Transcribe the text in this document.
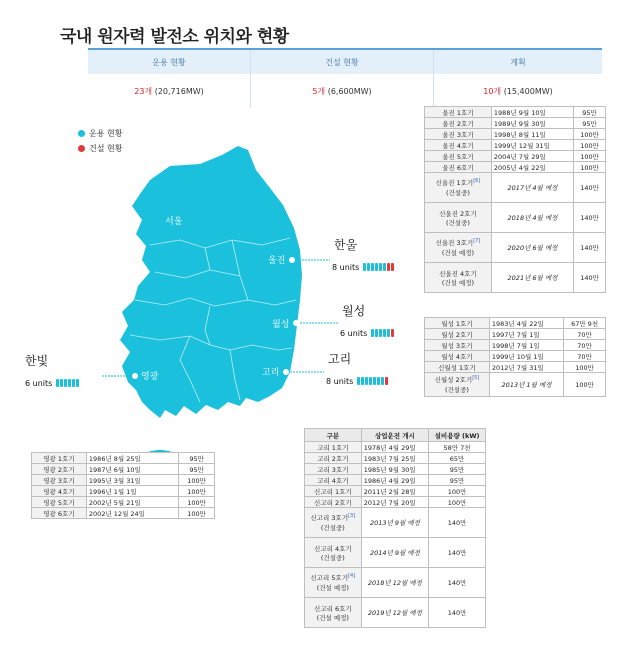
국내 원자력 발전소 위치와 현황
운용 현황	건설 현황	계획
23개 (20,716MW)	5개 (6,600MW)	10개 (15,400MW)
운용 현황
건설 현황
서울
울진
월성
고리
영광
한울
8 units
월성
6 units
고리
8 units
한빛
6 units
울진 1호기	1988년 9월 10일	95만
울진 2호기	1989년 9월 30일	95만
울진 3호기	1998년 8월 11일	100만
울진 4호기	1999년 12월 31일	100만
울진 5호기	2004년 7월 29일	100만
울진 6호기	2005년 4월 22일	100만
신울진 1호기[6]
(건설중)	2017년 4월 예정	140만
신울진 2호기
(건설중)	2018년 4월 예정	140만
신울진 3호기[7]
(건설 예정)	2020년 6월 예정	140만
신울진 4호기
(건설 예정)	2021년 6월 예정	140만
월성 1호기	1983년 4월 22일	67만 9천
월성 2호기	1997년 7월 1일	70만
월성 3호기	1998년 7월 1일	70만
월성 4호기	1999년 10월 1일	70만
신월성 1호기	2012년 7월 31일	100만
신월성 2호기[5]
(건설중)	2013년 1월 예정	100만
구분	상업운전 개시	설비용량 (kW)
고리 1호기	1978년 4월 29일	58만 7천
고리 2호기	1983년 7월 25일	65만
고리 3호기	1985년 9월 30일	95만
고리 4호기	1986년 4월 29일	95만
신고리 1호기	2011년 2월 28일	100만
신고리 2호기	2012년 7월 20일	100만
신고리 3호기[3]
(건설중)	2013년 9월 예정	140만
신고리 4호기
(건설중)	2014년 9월 예정	140만
신고리 5호기[4]
(건설 예정)	2018년 12월 예정	140만
신고리 6호기
(건설 예정)	2019년 12월 예정	140만
영광 1호기	1986년 8월 25일	95만
영광 2호기	1987년 6월 10일	95만
영광 3호기	1995년 3월 31일	100만
영광 4호기	1996년 1월 1일	100만
영광 5호기	2002년 5월 21일	100만
영광 6호기	2002년 12월 24일	100만
